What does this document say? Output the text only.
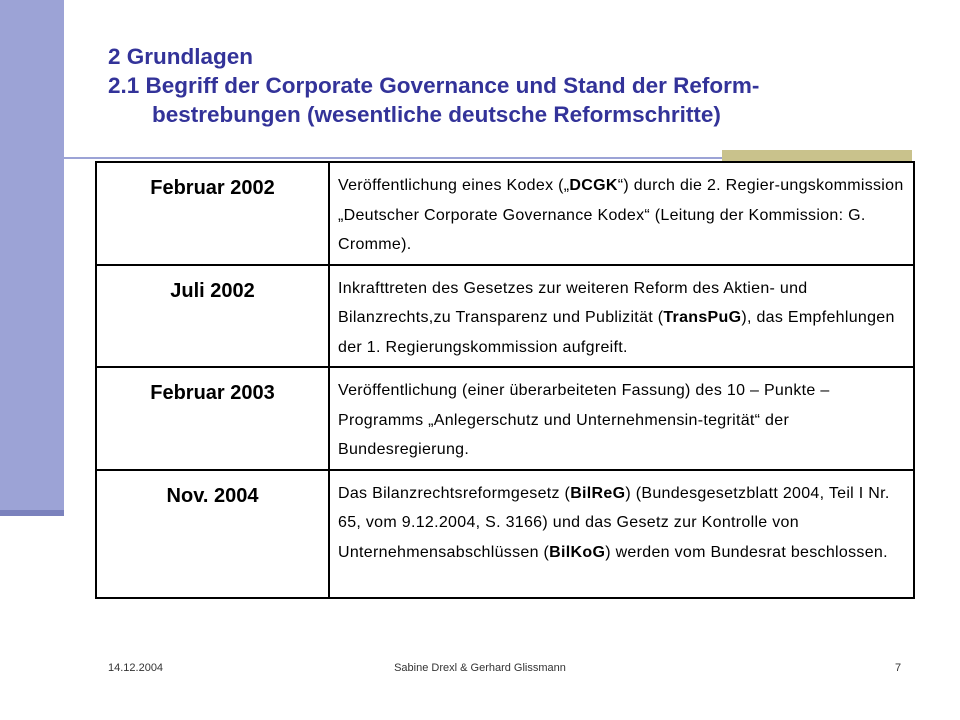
2 Grundlagen
2.1 Begriff der Corporate Governance und Stand der Reform-
bestrebungen (wesentliche deutsche Reformschritte)
Februar 2002	Veröffentlichung eines Kodex („DCGK“) durch die 2. Regier-ungskommission „Deutscher Corporate Governance Kodex“ (Leitung der Kommission: G. Cromme).
Juli 2002	Inkrafttreten des Gesetzes zur weiteren Reform des Aktien- und Bilanzrechts,zu Transparenz und Publizität (TransPuG), das Empfehlungen der 1. Regierungskommission aufgreift.
Februar 2003	Veröffentlichung (einer überarbeiteten Fassung) des 10 – Punkte – Programms „Anlegerschutz und Unternehmensin-tegrität“ der Bundesregierung.
Nov. 2004	Das Bilanzrechtsreformgesetz (BilReG) (Bundesgesetzblatt 2004, Teil I Nr. 65, vom 9.12.2004, S. 3166) und das Gesetz zur Kontrolle von Unternehmensabschlüssen (BilKoG) werden vom Bundesrat beschlossen.
14.12.2004	Sabine Drexl & Gerhard Glissmann	7
